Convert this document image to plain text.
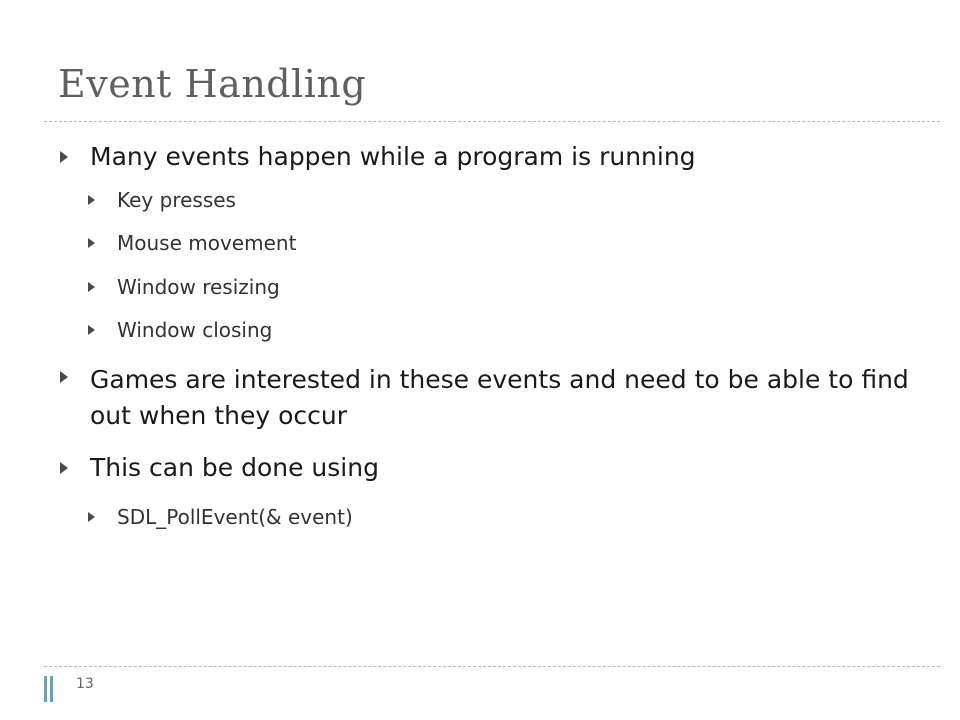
Event Handling
Many events happen while a program is running
Key presses
Mouse movement
Window resizing
Window closing
Games are interested in these events and need to be able to find out when they occur
This can be done using
SDL_PollEvent(& event)
13
